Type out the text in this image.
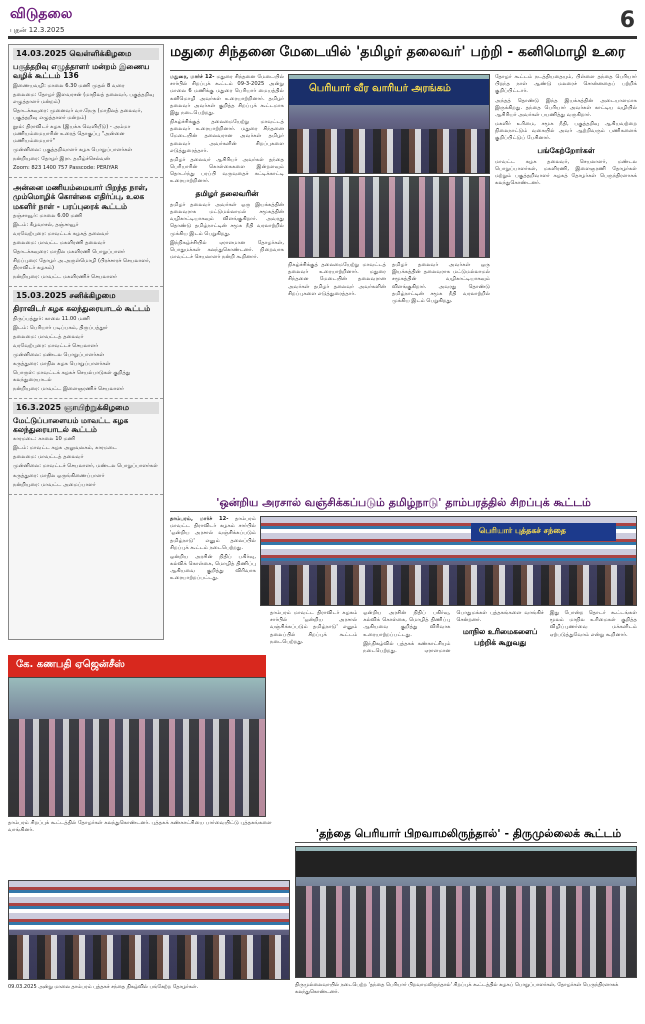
விடுதலை
புதன் 12.3.2025	6
14.03.2025 வெள்ளிக்கிழமை
பகுத்தறிவு எழுத்தாளர் மன்றம் இணைய வழிக் கூட்டம் 136

இணையவழி: மாலை 6.30 மணி முதல் 8 வரை

தலைமை: தோழர் இளவரசன் (மாநிலத் தலைவர், பகுத்தறிவு எழுத்தாளர் மன்றம்)

தொடக்கவுரை: முனைவர் வா.நேரு (மாநிலத் தலைவர், பகுத்தறிவு எழுத்தாளர் மன்றம்)

நூல்: திராவிடர் கழக (இயக்க வெளியீடு) - அம்மா மணியம்மையாரின் உரைத் தொகுப்பு "அன்னை மணியம்மையார்"

முன்னிலை: பகுத்தறிவாளர் கழக பொறுப்பாளர்கள்

நன்றியுரை: தோழர் இரா. தமிழ்ச்செல்வன்

Zoom: 823 1400 757 Passcode: PERIYAR

அன்னை மணியம்மையார் பிறந்த நாள், மும்மொழிக் கொள்கை எதிர்ப்பு, உலக மகளிர் நாள் - பரப்புரைக் கூட்டம்

தஞ்சாவூர்: மாலை 6.00 மணி

இடம்: கீழவாசல், தஞ்சாவூர்

வரவேற்புரை: மாவட்டக் கழகத் தலைவர்

தலைமை: மாவட்ட மகளிரணி தலைவர்

தொடக்கவுரை: மாநில மகளிரணி பொறுப்பாளர்

சிறப்புரை: தோழர் அ.அருள்மொழி (பிரச்சாரச் செயலாளர், திராவிடர் கழகம்)

நன்றியுரை: மாவட்ட மகளிரணிச் செயலாளர்

15.03.2025 சனிக்கிழமை
திராவிடர் கழக கலந்துரையாடல் கூட்டம்

திருப்பத்தூர்: காலை 11.00 மணி

இடம்: பெரியார் படிப்பகம், திருப்பத்தூர்

தலைமை: மாவட்டத் தலைவர்

வரவேற்புரை: மாவட்டச் செயலாளர்

முன்னிலை: மண்டல பொறுப்பாளர்கள்

கருத்துரை: மாநில கழக பொறுப்பாளர்கள்

பொருள்: மாவட்டக் கழகச் செயல்பாடுகள் குறித்து கலந்துரையாடல்

நன்றியுரை: மாவட்ட இளைஞரணிச் செயலாளர்

16.3.2025 ஞாயிற்றுக்கிழமை
மேட்டுப்பாளையம் மாவட்ட கழக கலந்துரையாடல் கூட்டம்

காரமடை: காலை 10 மணி

இடம்: மாவட்ட கழக அலுவலகம், காரமடை

தலைமை: மாவட்டத் தலைவர்

முன்னிலை: மாவட்டச் செயலாளர், மண்டல பொறுப்பாளர்கள்

கருத்துரை: மாநில ஒருங்கிணைப்பாளர்

நன்றியுரை: மாவட்ட அமைப்பாளர்

மதுரை சிந்தனை மேடையில் 'தமிழர் தலைவர்' பற்றி - கனிமொழி உரை
பெரியார் வீர வாரியர் அரங்கம்

மதுரை, மார்ச் 12- மதுரை சிந்தனை மேடையில் சார்பில் சிறப்புக் கூட்டம் 09-3-2025 அன்று மாலை 6 மணிக்கு மதுரை பெரியார் மையத்தில் கனிமொழி அவர்கள் உரையாற்றினார். தமிழர் தலைவர் அவர்கள் குறித்த சிறப்புக் கூட்டமாக இது நடைபெற்றது.

நிகழ்ச்சிக்குத் தலைமையேற்று மாவட்டத் தலைவர் உரையாற்றினார். மதுரை சிந்தனை மேடையின் தலைவரான அவர்கள் தமிழர் தலைவர் அவர்களின் சிறப்புகளை எடுத்துரைத்தார்.

தமிழர் தலைவர் ஆசிரியர் அவர்கள் தந்தை பெரியாரின் கொள்கைகளை இன்றளவும் தொடர்ந்து பரப்பி வருவதைச் சுட்டிக்காட்டி உரையாற்றினார்.

தமிழர் தலைவரின்

தமிழர் தலைவர் அவர்கள் ஒரு இயக்கத்தின் தலைவராக மட்டுமல்லாமல் சமூகத்தின் வழிகாட்டியாகவும் விளங்குகிறார். அவரது தொண்டு தமிழ்நாட்டின் சமூக நீதி வரலாற்றில் முக்கிய இடம் பெறுகிறது.

இந்நிகழ்ச்சியில் ஏராளமான தோழர்கள், பொதுமக்கள் கலந்துகொண்டனர். நிறைவாக மாவட்டச் செயலாளர் நன்றி கூறினார்.

நிகழ்ச்சிக்குத் தலைமையேற்று மாவட்டத் தலைவர் உரையாற்றினார். மதுரை சிந்தனை மேடையின் தலைவரான அவர்கள் தமிழர் தலைவர் அவர்களின் சிறப்புகளை எடுத்துரைத்தார்.

தமிழர் தலைவர் அவர்கள் ஒரு இயக்கத்தின் தலைவராக மட்டுமல்லாமல் சமூகத்தின் வழிகாட்டியாகவும் விளங்குகிறார். அவரது தொண்டு தமிழ்நாட்டின் சமூக நீதி வரலாற்றில் முக்கிய இடம் பெறுகிறது.

தோழர் கூட்டம் நடத்தியதையும், பிள்ளை தந்தை பெரியார் பிறந்த நாள் ஆண்டு மலரைச் சொன்னதைப் பற்றிக் குறிப்பிட்டார்.

அந்தத் தொண்டு இந்த இயக்கத்தின் அடையாளமாக இருக்கிறது. தந்தை பெரியார் அவர்கள் காட்டிய வழியில் ஆசிரியர் அவர்கள் பயணித்து வருகிறார்.

மகளிர் உரிமை, சமூக நீதி, பகுத்தறிவு ஆகியவற்றை நிலைநாட்டும் வகையில் அவர் ஆற்றிவரும் பணிகளைக் குறிப்பிட்டுப் பேசினார்.

பங்கேற்றோர்கள்

மாவட்ட கழக தலைவர், செயலாளர், மண்டல பொறுப்பாளர்கள், மகளிரணி, இளைஞரணி தோழர்கள் மற்றும் பகுத்தறிவாளர் கழகத் தோழர்கள் பெருந்திரளாகக் கலந்துகொண்டனர்.

'ஒன்றிய அரசால் வஞ்சிக்கப்படும் தமிழ்நாடு' தாம்பரத்தில் சிறப்புக் கூட்டம்
பெரியார் புத்தகச் சந்தை

தாம்பரம், மார்ச் 12- தாம்பரம் மாவட்ட திராவிடர் கழகம் சார்பில் 'ஒன்றிய அரசால் வஞ்சிக்கப்படும் தமிழ்நாடு' எனும் தலைப்பில் சிறப்புக் கூட்டம் நடைபெற்றது.

ஒன்றிய அரசின் நிதிப் பகிர்வு, கல்விக் கொள்கை, மொழித் திணிப்பு ஆகியவை குறித்து விரிவாக உரையாற்றப்பட்டது.

தாம்பரம் மாவட்ட திராவிடர் கழகம் சார்பில் 'ஒன்றிய அரசால் வஞ்சிக்கப்படும் தமிழ்நாடு' எனும் தலைப்பில் சிறப்புக் கூட்டம் நடைபெற்றது.

ஒன்றிய அரசின் நிதிப் பகிர்வு, கல்விக் கொள்கை, மொழித் திணிப்பு ஆகியவை குறித்து விரிவாக உரையாற்றப்பட்டது.

இந்நிகழ்வில் புத்தகக் கண்காட்சியும் நடைபெற்றது. ஏராளமான பொதுமக்கள் புத்தகங்களை வாங்கிச் சென்றனர்.

மாநில உரிமைகளைப் பற்றிக் கூறுவது

இது போன்ற தொடர் கூட்டங்கள் மூலம் மாநில உரிமைகள் குறித்த விழிப்புணர்வை மக்களிடம் ஏற்படுத்துவோம் என்று கூறினார்.

கே. கணபதி ஏஜென்சீஸ்
தாம்பரம் சிறப்புக் கூட்டத்தில் தோழர்கள் கலந்துகொண்டனர். புத்தகக் கண்காட்சியை பார்வையிட்டு புத்தகங்களை வாங்கினர்.
09.03.2025 அன்று மாலை தாம்பரம் புத்தகச் சந்தை நிகழ்வில் பங்கேற்ற தோழர்கள்.
'தந்தை பெரியார் பிறவாமலிருந்தால்' - திருமுல்லைக் கூட்டம்
திருமுல்லைவாயில் நடைபெற்ற 'தந்தை பெரியார் பிறவாமலிருந்தால்' சிறப்புக் கூட்டத்தில் கழகப் பொறுப்பாளர்கள், தோழர்கள் பெருந்திரளாகக் கலந்துகொண்டனர்.
